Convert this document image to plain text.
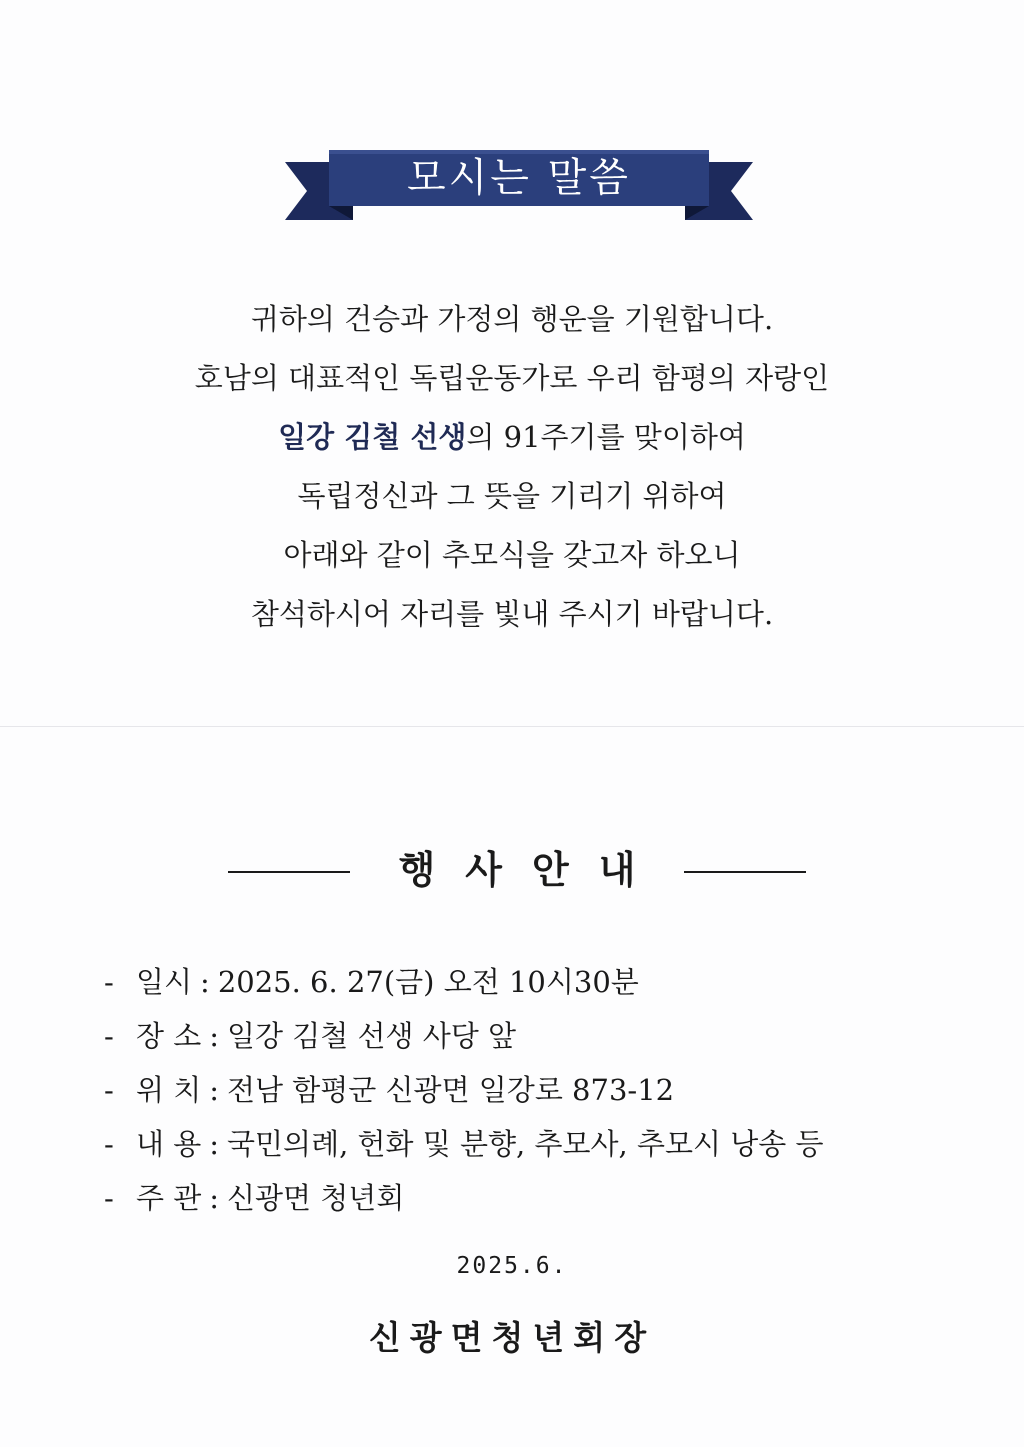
모시는 말씀
귀하의 건승과 가정의 행운을 기원합니다.
호남의 대표적인 독립운동가로 우리 함평의 자랑인
일강 김철 선생의 91주기를 맞이하여
독립정신과 그 뜻을 기리기 위하여
아래와 같이 추모식을 갖고자 하오니
참석하시어 자리를 빛내 주시기 바랍니다.
행사안내
- 일시 : 2025. 6. 27(금) 오전 10시30분
- 장 소 : 일강 김철 선생 사당 앞
- 위 치 : 전남 함평군 신광면 일강로 873-12
- 내 용 : 국민의례, 헌화 및 분향, 추모사, 추모시 낭송 등
- 주 관 : 신광면 청년회
2025.6.
신광면청년회장
